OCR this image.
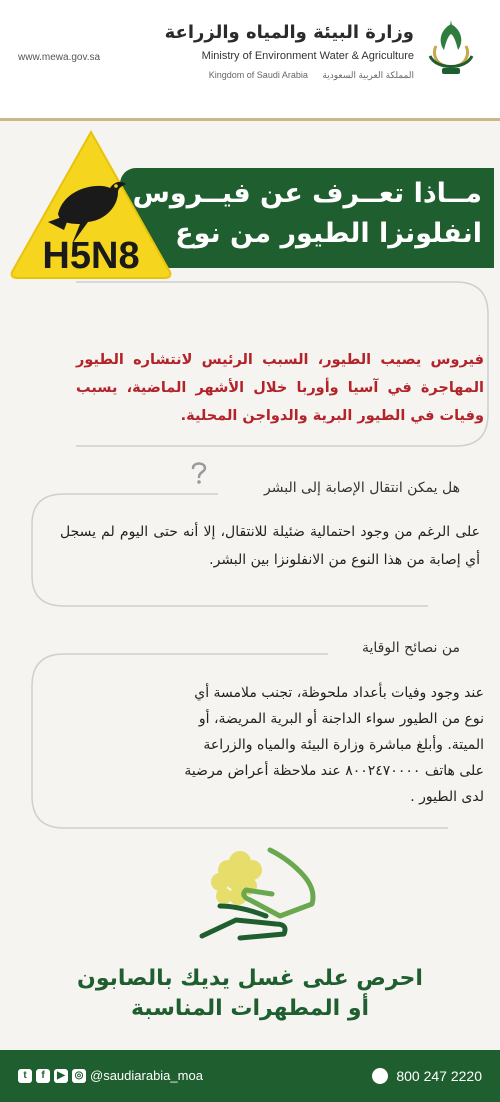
www.mewa.gov.sa
وزارة البيئة والمياه والزراعة
Ministry of Environment Water & Agriculture
Kingdom of Saudi Arabia المملكة العربية السعودية
مــاذا تعــرف عن فيــروس
انفلونزا الطيور من نوع
H5N8
فيروس يصيب الطيور، السبب الرئيس لانتشاره الطيور المهاجرة في آسيا وأوربا خلال الأشهر الماضية، يسبب وفيات في الطيور البرية والدواجن المحلية.
هل يمكن انتقال الإصابة إلى البشر
على الرغم من وجود احتمالية ضئيلة للانتقال، إلا أنه حتى اليوم لم يسجل أي إصابة من هذا النوع من الانفلونزا بين البشر.
من نصائح الوقاية
عند وجود وفيات بأعداد ملحوظة، تجنب ملامسة أي
نوع من الطيور سواء الداجنة أو البرية المريضة، أو
الميتة. وأبلغ مباشرة وزارة البيئة والمياه والزراعة
على هاتف ٨٠٠٢٤٧٠٠٠٠ عند ملاحظة أعراض مرضية
لدى الطيور .
احرص على غسل يديك بالصابون
أو المطهرات المناسبة
t	f	▶ ◎ @saudiarabia_moa	800 247 2220
